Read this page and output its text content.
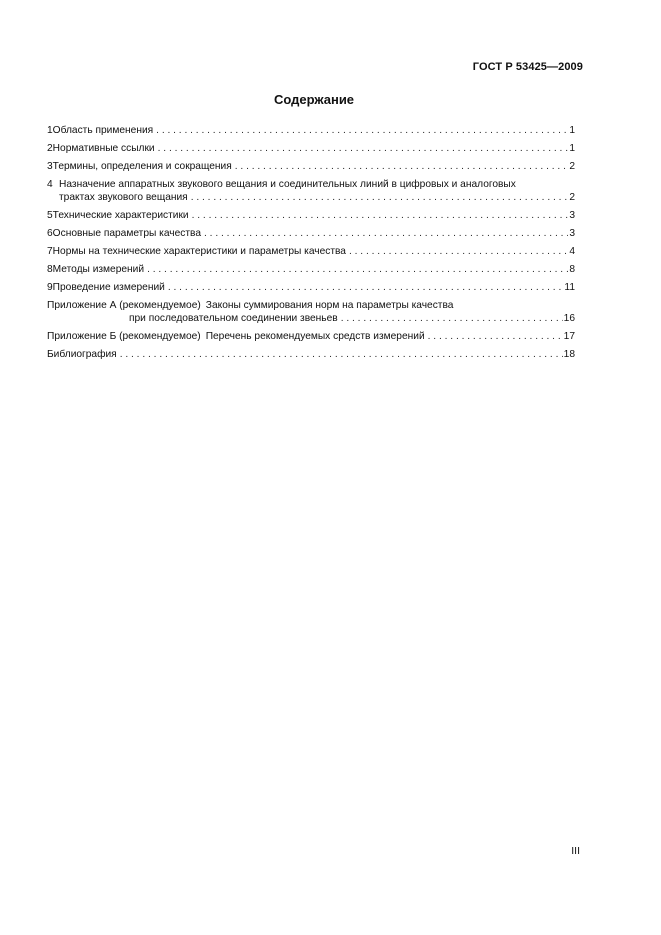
ГОСТ Р 53425—2009
Содержание
1 Область применения . . .	1
2 Нормативные ссылки . . .	1
3 Термины, определения и сокращения . . .	2
4 Назначение аппаратных звукового вещания и соединительных линий в цифровых и аналоговых
трактах звукового вещания . . .	2
5 Технические характеристики . . .	3
6 Основные параметры качества . . .	3
7 Нормы на технические характеристики и параметры качества . . .	4
8 Методы измерений . . .	8
9 Проведение измерений . . .	11
Приложение А (рекомендуемое) Законы суммирования норм на параметры качества
при последовательном соединении звеньев . . .	16
Приложение Б (рекомендуемое) Перечень рекомендуемых средств измерений . . .	17
Библиография . . .	18
III
